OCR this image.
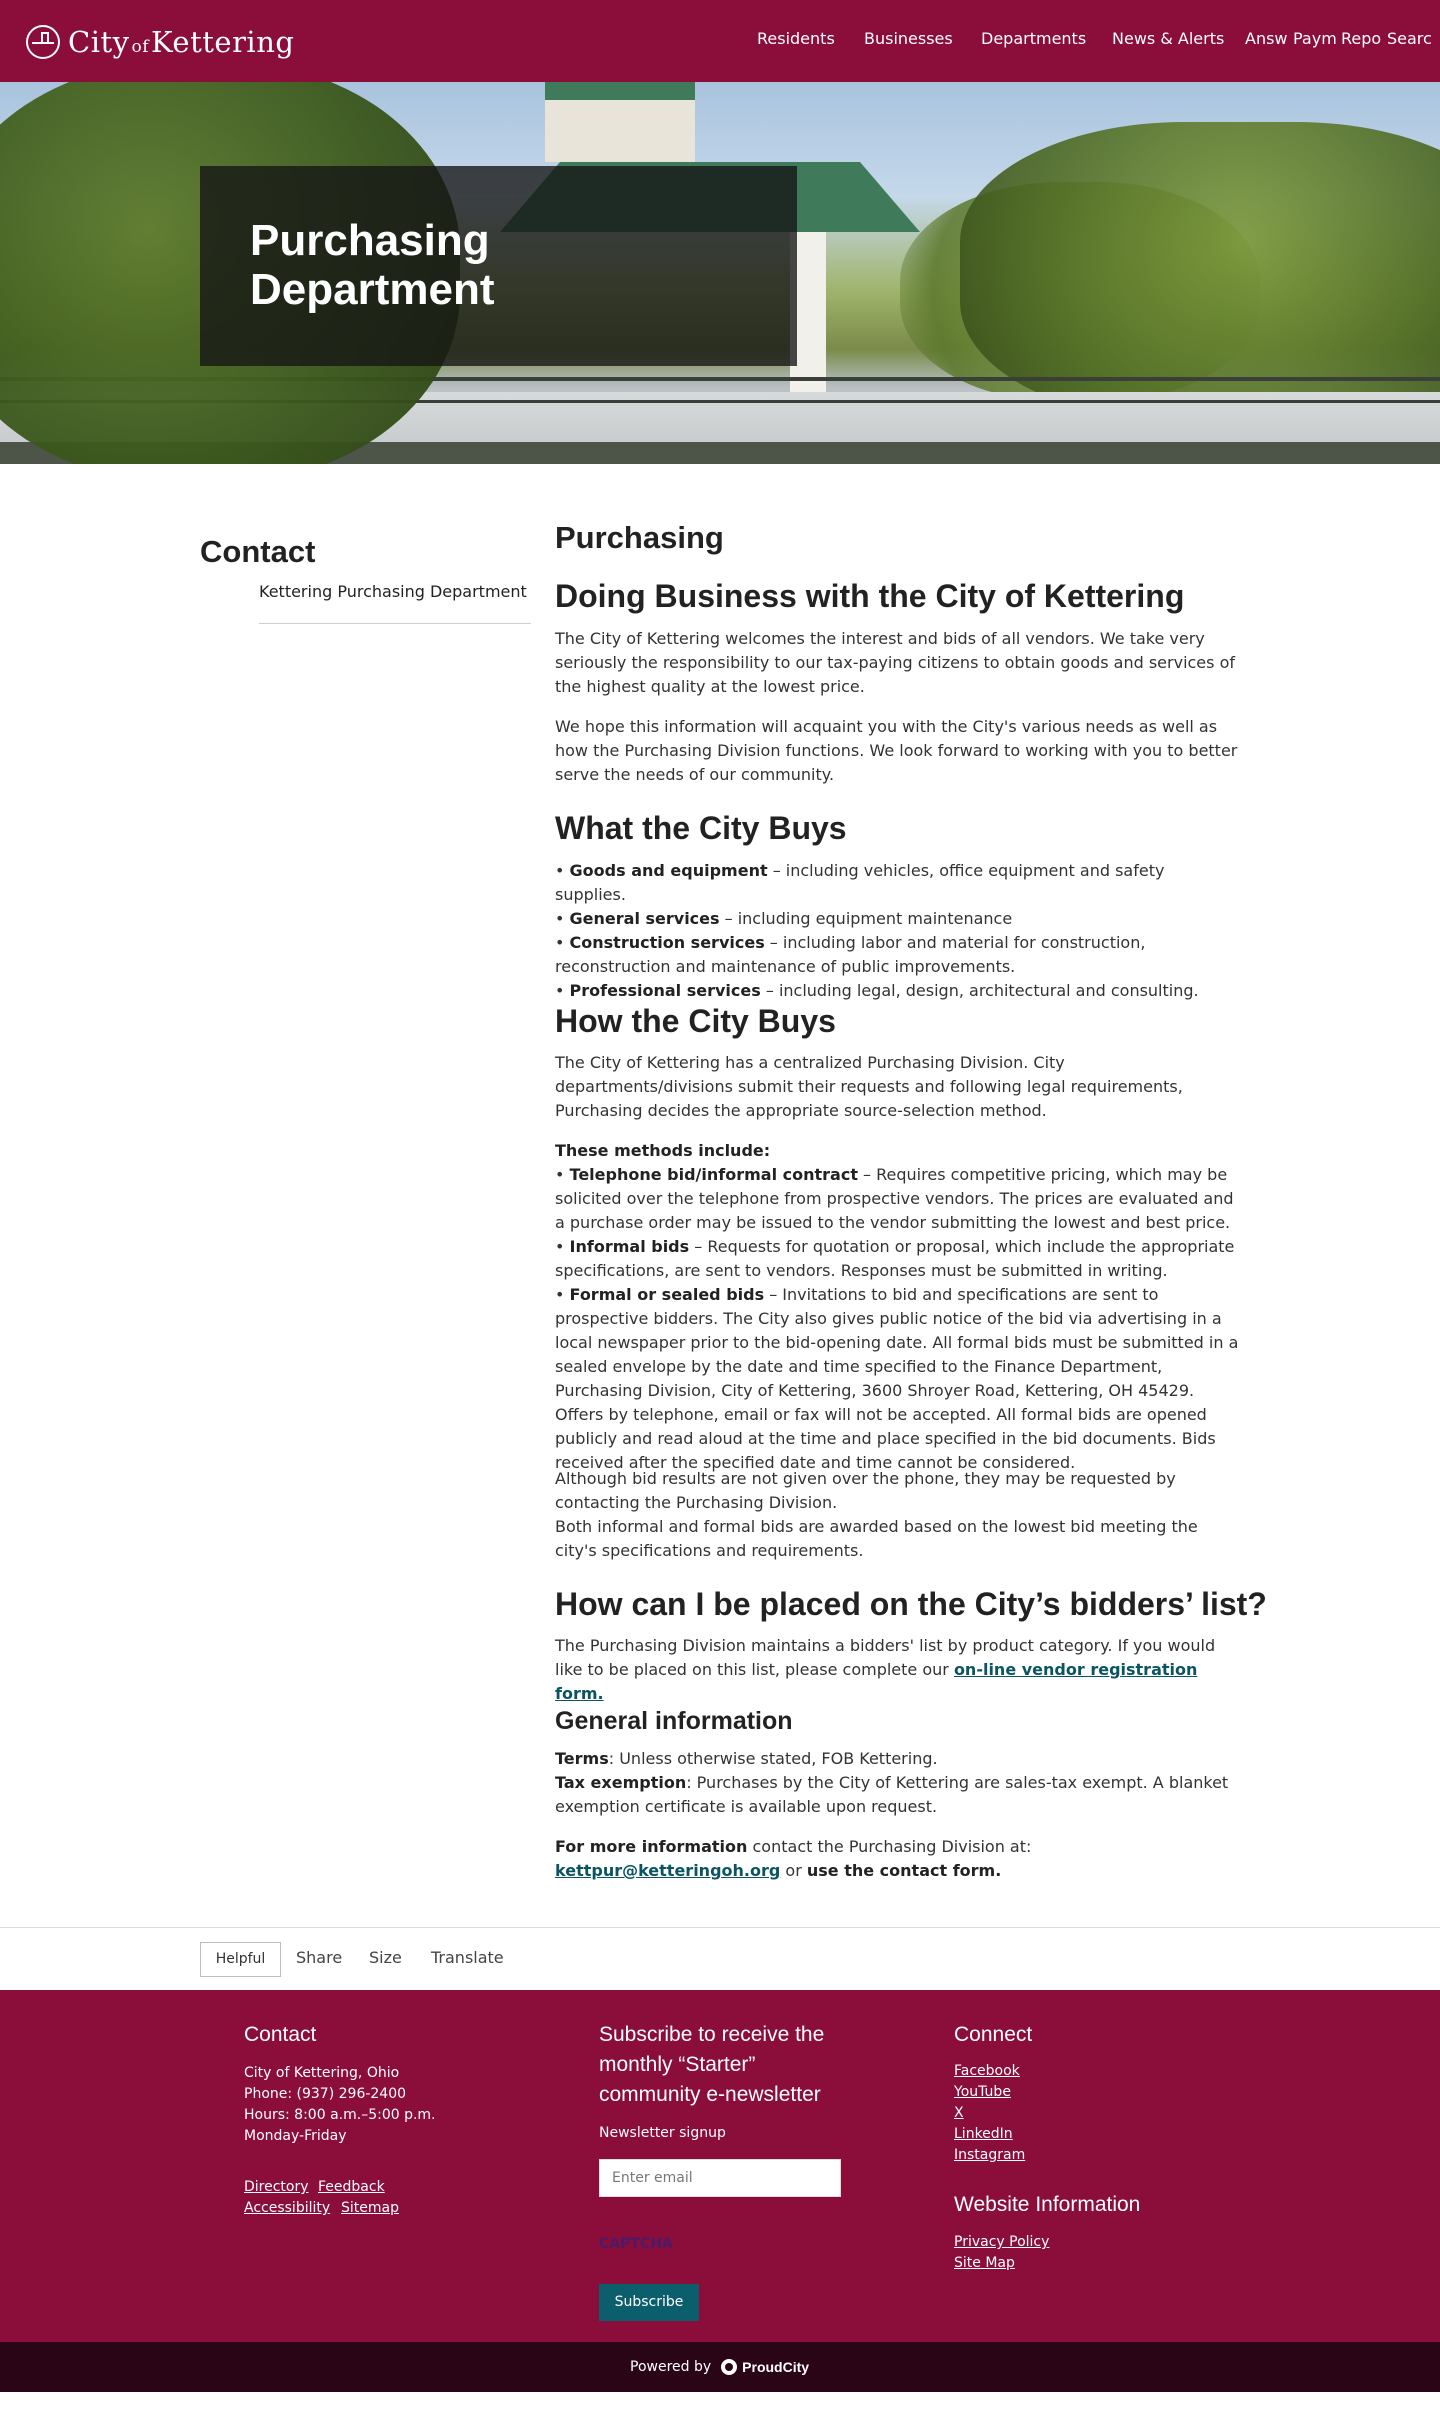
City ofKettering	Residents Businesses Departments News & Alerts Answ Paym Repo Searc
Purchasing Department
Contact
Kettering Purchasing Department
Purchasing
Doing Business with the City of Kettering
The City of Kettering welcomes the interest and bids of all vendors. We take very seriously the responsibility to our tax-paying citizens to obtain goods and services of the highest quality at the lowest price.
We hope this information will acquaint you with the City's various needs as well as how the Purchasing Division functions. We look forward to working with you to better serve the needs of our community.
What the City Buys
• Goods and equipment – including vehicles, office equipment and safety supplies.
• General services – including equipment maintenance
• Construction services – including labor and material for construction, reconstruction and maintenance of public improvements.
• Professional services – including legal, design, architectural and consulting.
How the City Buys
The City of Kettering has a centralized Purchasing Division. City departments/divisions submit their requests and following legal requirements, Purchasing decides the appropriate source-selection method.
These methods include:
• Telephone bid/informal contract – Requires competitive pricing, which may be solicited over the telephone from prospective vendors. The prices are evaluated and a purchase order may be issued to the vendor submitting the lowest and best price.
• Informal bids – Requests for quotation or proposal, which include the appropriate specifications, are sent to vendors. Responses must be submitted in writing.
• Formal or sealed bids – Invitations to bid and specifications are sent to prospective bidders. The City also gives public notice of the bid via advertising in a local newspaper prior to the bid-opening date. All formal bids must be submitted in a sealed envelope by the date and time specified to the Finance Department, Purchasing Division, City of Kettering, 3600 Shroyer Road, Kettering, OH 45429. Offers by telephone, email or fax will not be accepted. All formal bids are opened publicly and read aloud at the time and place specified in the bid documents. Bids received after the specified date and time cannot be considered.
Although bid results are not given over the phone, they may be requested by contacting the Purchasing Division.
Both informal and formal bids are awarded based on the lowest bid meeting the city's specifications and requirements.
How can I be placed on the City’s bidders’ list?
The Purchasing Division maintains a bidders' list by product category. If you would like to be placed on this list, please complete our on-line vendor registration form.
General information
Terms: Unless otherwise stated, FOB Kettering.
Tax exemption: Purchases by the City of Kettering are sales-tax exempt. A blanket exemption certificate is available upon request.
For more information contact the Purchasing Division at: kettpur@ketteringoh.org or use the contact form.
Helpful	Share Size Translate
Contact
City of Kettering, Ohio
Phone: (937) 296-2400
Hours: 8:00 a.m.–5:00 p.m.
Monday-Friday
Directory Feedback
Accessibility Sitemap
Subscribe to receive the monthly “Starter” community e-newsletter
Newsletter signup
Enter email
CAPTCHA
Subscribe
Connect
Facebook
YouTube
X
LinkedIn
Instagram
Website Information
Privacy Policy
Site Map
Powered by ProudCity
